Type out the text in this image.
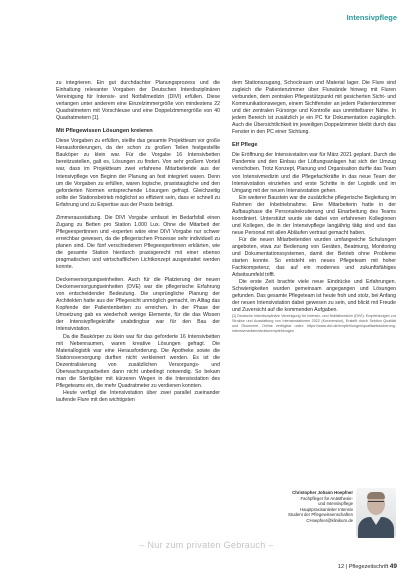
Intensivpflege

zu integrieren. Ein gut durchdachter Planungsprozess und die Einhaltung relevanter Vorgaben der Deutschen Interdisziplinären Vereinigung für Intensiv- und Notfallmedizin (DIVI) erfüllen. Diese verlangen unter anderem eine Einzelzimmergröße von mindestens 22 Quadratmetern mit Vorschleuse und eine Doppelzimmergröße von 40 Quadratmetern [1].

Mit Pflegewissen Lösungen kreieren

Diese Vorgaben zu erfüllen, stellte das gesamte Projektteam vor große Herausforderungen, da der schon zu großen Teilen festgestellte Bauköper zu klein war. Für die Vorgabe 16 Intensivbetten bereitzustellen, galt es, Lösungen zu finden. Von sehr großem Vorteil war, dass im Projektteam zwei erfahrene Mitarbeitende aus der Intensivpflege von Beginn der Planung an fest integriert waren. Denn um die Vorgaben zu erfüllen, waren logische, praxistaugliche und den geforderten Normen entsprechende Lösungen gefragt. Gleichzeitig sollte der Stationsbetrieb möglichst so effizient sein, dass er schnell zu Erfahrung und zu Expertise aus der Praxis beiträgt.

Zimmerausstattung. Die DIVI Vorgabe umfasst im Bedarfsfall einen Zugang zu Betten pro Station 1.000 Lux. Ohne die Mitarbeit der Pflegeexpertinnen und -experten wäre eine DIVI Vorgabe nur schwer erreichbar gewesen, da die pflegerischen Prozesse sehr individuell zu planen sind. Die fünf verschiedenen Pflegeexpertinnen erklärten, wie die gesamte Station hierdurch praxisgerecht mit einer ebenso pragmatischen und wirtschaftlichen Lichtkonzept ausgestattet werden konnte.

Deckenversorgungseinheiten. Auch für die Platzierung der neuen Deckenversorgungseinheiten (DVE) war die pflegerische Erfahrung von entscheidender Bedeutung. Die ursprüngliche Planung der Architekten hatte aus der Pflegesicht unmöglich gemacht, im Alltag das Kopfende der Patientenbetten zu erreichen. In der Phase der Umsetzung gab es wiederholt wenige Elemente, für die das Wissen der Intensivpflegekräfte unabdingbar war für den Bau der Intensivstation.

Da die Baukörper zu klein war für das geforderte 16 Intensivbetten mit Nebenraumen, waren kreative Lösungen gefragt. Die Materiallogistik war eine Herausforderung. Die Apotheke sowie die Stationsversorgung durften nicht verkleinert werden. Es ist die Dezentralisierung von zusätzlichen Versorgungs- und Überwachungsarbeiten dann nicht unbedingt notwendig. So bekam man die Sterilgüter mit kürzeren Wegen in die Intensivstation des Pflegeteams ein, die mehr Quadratmeter zu verdienen konnten.

Heute verfügt die Intensivstation über zwei parallel zueinander laufende Flure mit den wichtigsten

dem Stationszugang, Schockraum und Material lager. Die Flure sind zugleich die Patientenzimmer über Flurwände hinweg mit Fluren verbunden, dem zentralen Pflegestützpunkt mit gesicherten Sicht- und Kommunikationswegen, einem Sichtfenster an jedem Patientenzimmer und der zentralen Fürsorge und Kontrolle aus unmittelbarer Nähe. In jedem Bereich ist zusätzlich je ein PC für Dokumentation zugänglich. Auch die Übersichtlichkeit im jeweiligen Doppelzimmer bleibt durch das Fenster in den PC einer Sichtung.

Elf Pflege

Die Eröffnung der Intensivstation war für März 2021 geplant. Durch die Pandemie und den Einbau der Lüftungsanlagen hat sich der Umzug verschoben. Trotz Konzept, Planung und Organisation durfte das Team von Intensivmedizin und die Pflegefachkräfte in das neue Team der Intensivstation einziehen und erste Schritte in der Logistik und im Umgang mit der neuen Intensivstation gehen.

Ein weiterer Baustein war die zusätzliche pflegerische Begleitung im Rahmen der Inbetriebnahme. Eine Mitarbeiterin hatte in der Aufbauphase die Personalrekrutierung und Einarbeitung des Teams koordiniert. Unterstützt wurde sie dabei von erfahrenen Kolleginnen und Kollegen, die in der Intensivpflege langjährig tätig sind und das neue Personal mit allen Abläufen vertraut gemacht haben.

Für die neuen Mitarbeitenden wurden umfangreiche Schulungen angeboten, etwa zur Bedienung von Geräten, Beatmung, Monitoring und Dokumentationssystemen, damit der Betrieb ohne Probleme starten konnte. So entsteht ein neues Pflegeteam mit hoher Fachkompetenz, das auf ein modernes und zukunftsfähiges Arbeitsumfeld trifft.

Die erste Zeit brachte viele neue Eindrücke und Erfahrungen. Schwierigkeiten wurden gemeinsam angegangen und Lösungen gefunden. Das gesamte Pflegeteam ist heute froh und stolz, bei Anfang der neuen Intensivstation dabei gewesen zu sein, und blickt mit Freude und Zuversicht auf die kommenden Aufgaben.

[1] Deutsche Interdisziplinäre Vereinigung für Intensiv- und Notfallmedizin (DIVI): Empfehlungen zur Struktur und Ausstattung von Intensivstationen 2022 (Kurzversion), Erstellt durch Sektion Qualität und Ökonomie. Online verfügbar unter: https://www.divi.de/empfehlungen/qualitaetssicherung-intensivmedizin/strukturempfehlungen

Christopher Johann Hoepfner
Fachpfleger für Anästhesie-
und Intensivpflege
Hauptpraxisanleiter Intensiv
Student der Pflegewissenschaften
CHoepfner@klinikum.de
– Nur zum privaten Gebrauch –
12 | Pflegezeitschrift 49
